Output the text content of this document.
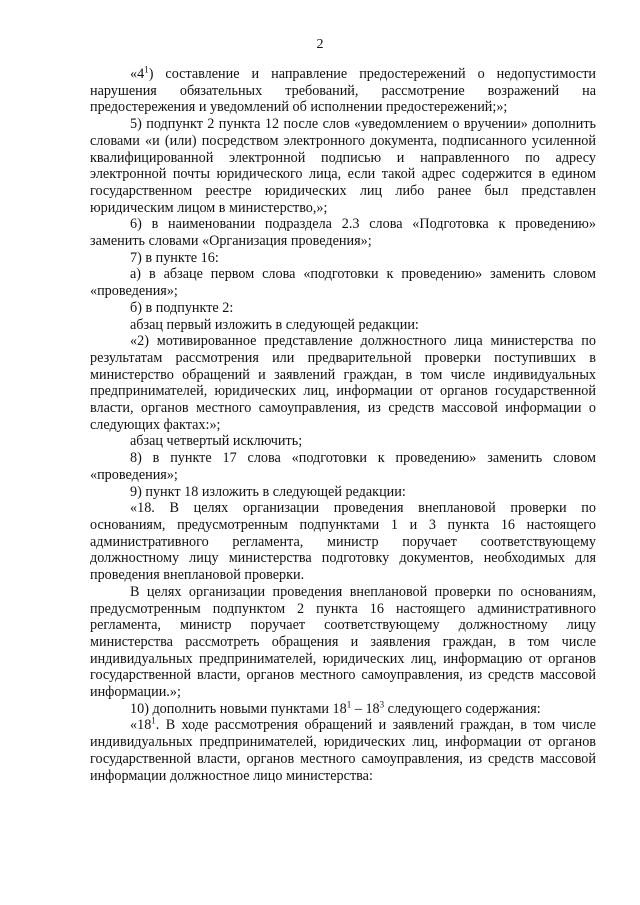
2

«$4^1$) составление и направление предостережений о недопустимости нарушения обязательных требований, рассмотрение возражений на предостережения и уведомлений об исполнении предостережений;»;

5) подпункт 2 пункта 12 после слов «уведомлением о вручении» дополнить словами «и (или) посредством электронного документа, подписанного усиленной квалифицированной электронной подписью и направленного по адресу электронной почты юридического лица, если такой адрес содержится в едином государственном реестре юридических лиц либо ранее был представлен юридическим лицом в министерство,»;

6) в наименовании подраздела 2.3 слова «Подготовка к проведению» заменить словами «Организация проведения»;

7) в пункте 16:

а) в абзаце первом слова «подготовки к проведению» заменить словом «проведения»;

б) в подпункте 2:

абзац первый изложить в следующей редакции:

«2) мотивированное представление должностного лица министерства по результатам рассмотрения или предварительной проверки поступивших в министерство обращений и заявлений граждан, в том числе индивидуальных предпринимателей, юридических лиц, информации от органов государственной власти, органов местного самоуправления, из средств массовой информации о следующих фактах:»;

абзац четвертый исключить;

8) в пункте 17 слова «подготовки к проведению» заменить словом «проведения»;

9) пункт 18 изложить в следующей редакции:

«18. В целях организации проведения внеплановой проверки по основаниям, предусмотренным подпунктами 1 и 3 пункта 16 настоящего административного регламента, министр поручает соответствующему должностному лицу министерства подготовку документов, необходимых для проведения внеплановой проверки.

В целях организации проведения внеплановой проверки по основаниям, предусмотренным подпунктом 2 пункта 16 настоящего административного регламента, министр поручает соответствующему должностному лицу министерства рассмотреть обращения и заявления граждан, в том числе индивидуальных предпринимателей, юридических лиц, информацию от органов государственной власти, органов местного самоуправления, из средств массовой информации.»;

10) дополнить новыми пунктами $18^1 - 18^3$ следующего содержания:

«$18^1$. В ходе рассмотрения обращений и заявлений граждан, в том числе индивидуальных предпринимателей, юридических лиц, информации от органов государственной власти, органов местного самоуправления, из средств массовой информации должностное лицо министерства:
